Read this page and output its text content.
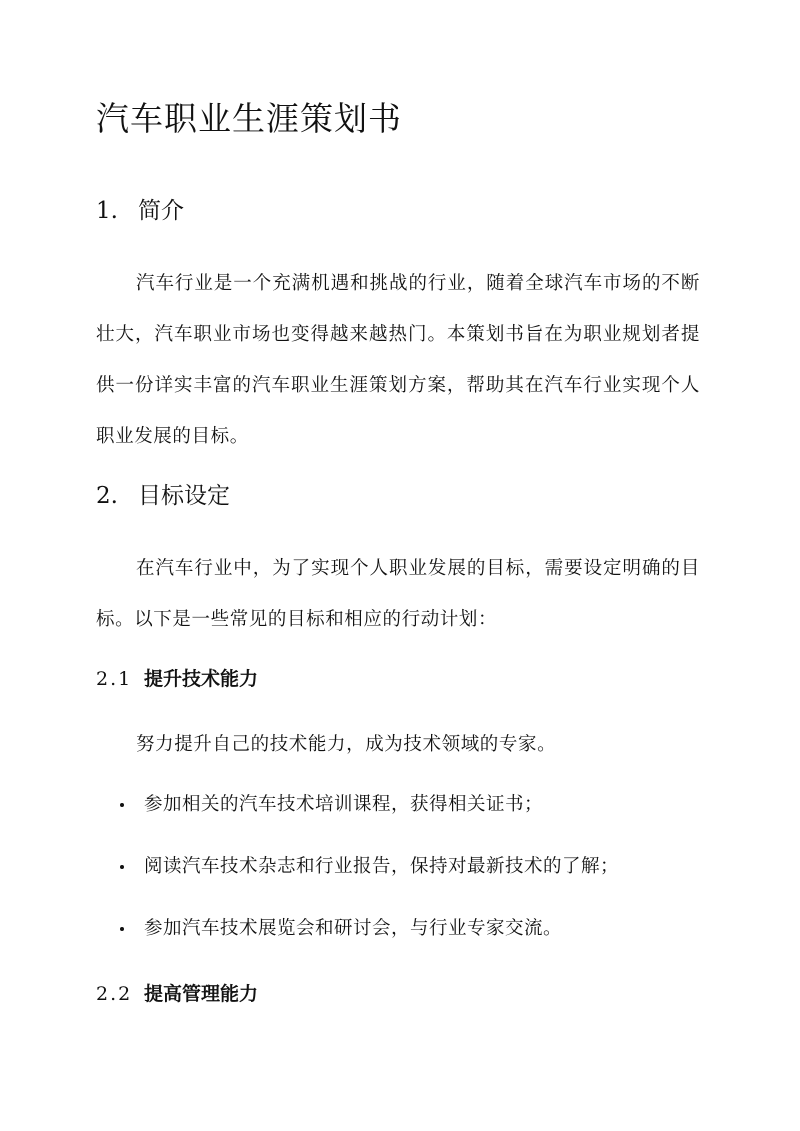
汽车职业生涯策划书
1. 简介

汽车行业是一个充满机遇和挑战的行业，随着全球汽车市场的不断壮大，汽车职业市场也变得越来越热门。本策划书旨在为职业规划者提供一份详实丰富的汽车职业生涯策划方案，帮助其在汽车行业实现个人职业发展的目标。

2. 目标设定

在汽车行业中，为了实现个人职业发展的目标，需要设定明确的目标。以下是一些常见的目标和相应的行动计划：

2.1 提升技术能力

努力提升自己的技术能力，成为技术领域的专家。

参加相关的汽车技术培训课程，获得相关证书；
阅读汽车技术杂志和行业报告，保持对最新技术的了解；
参加汽车技术展览会和研讨会，与行业专家交流。
2.2 提高管理能力
